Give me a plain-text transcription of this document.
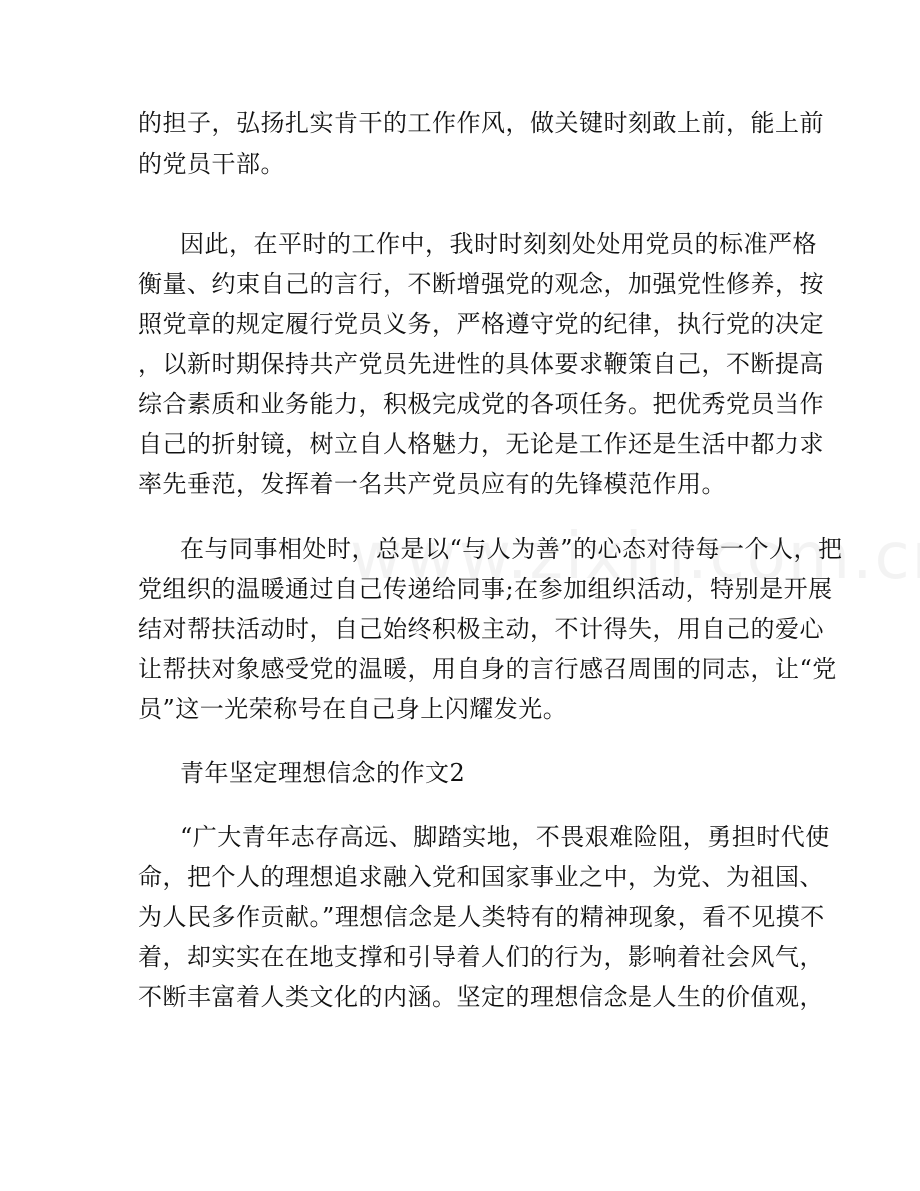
的担子，弘扬扎实肯干的工作作风，做关键时刻敢上前，能上前
的党员干部。
因此，在平时的工作中，我时时刻刻处处用党员的标准严格
衡量、约束自己的言行，不断增强党的观念，加强党性修养，按
照党章的规定履行党员义务，严格遵守党的纪律，执行党的决定
，以新时期保持共产党员先进性的具体要求鞭策自己，不断提高
综合素质和业务能力，积极完成党的各项任务。把优秀党员当作
自己的折射镜，树立自人格魅力，无论是工作还是生活中都力求
率先垂范，发挥着一名共产党员应有的先锋模范作用。
在与同事相处时，总是以“与人为善”的心态对待每一个人，把
党组织的温暖通过自己传递给同事;在参加组织活动，特别是开展
结对帮扶活动时，自己始终积极主动，不计得失，用自己的爱心
让帮扶对象感受党的温暖，用自身的言行感召周围的同志，让“党
员”这一光荣称号在自己身上闪耀发光。
青年坚定理想信念的作文2
“广大青年志存高远、脚踏实地，不畏艰难险阻，勇担时代使
命，把个人的理想追求融入党和国家事业之中，为党、为祖国、
为人民多作贡献。”理想信念是人类特有的精神现象，看不见摸不
着，却实实在在地支撑和引导着人们的行为，影响着社会风气，
不断丰富着人类文化的内涵。坚定的理想信念是人生的价值观，
